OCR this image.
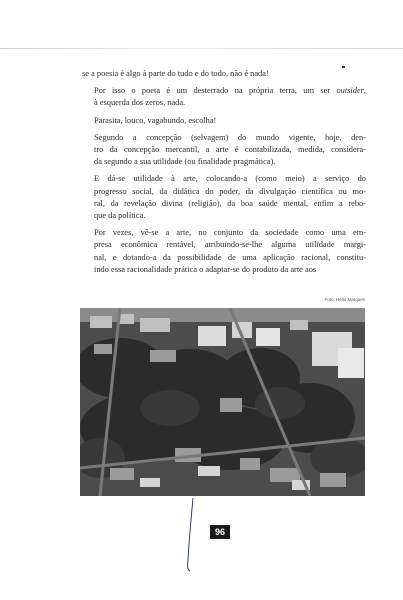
se a poesia é algo à parte do tudo e do todo, não é nada!

Por isso o poeta é um desterrado na própria terra, um ser outsider,
à esquerda dos zeros, nada.

Parasita, louco, vagabundo, escolha!

Segundo a concepção (selvagem) do mundo vigente, hoje, den-
tro da concepção mercantil, a arte é contabilizada, medida, considera-
da segundo a sua utilidade (ou finalidade pragmática).

E dá-se utilidade à arte, colocando-a (como meio) a serviço do
progresso social, da didática do poder, da divulgação científica ou mo-
ral, da revelação divina (religião), da boa saúde mental, enfim a rebo-
que da política.

Por vezes, vê-se a arte, no conjunto da sociedade como uma em-
presa econômica rentável, atribuindo-se-lhe alguma utilidade margi-
nal, e dotando-a da possibilidade de uma aplicação racional, constitu-
indo essa racionalidade prática o adaptar-se do produto da arte aos

Foto: Hélio Marques
96
